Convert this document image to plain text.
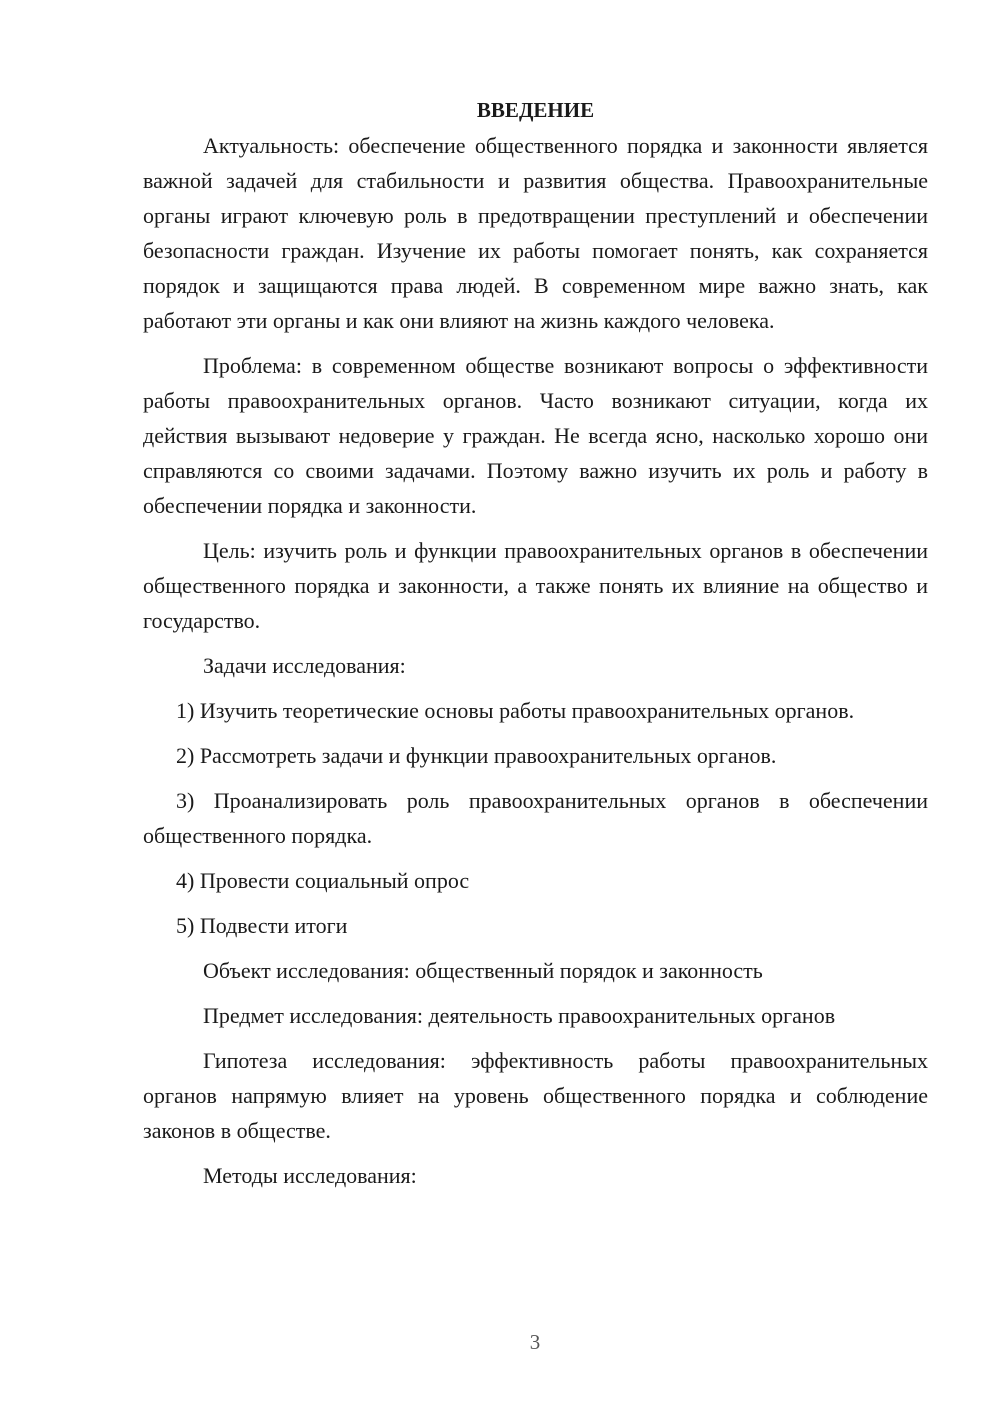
ВВЕДЕНИЕ

Актуальность: обеспечение общественного порядка и законности является важной задачей для стабильности и развития общества. Правоохранительные органы играют ключевую роль в предотвращении преступлений и обеспечении безопасности граждан. Изучение их работы помогает понять, как сохраняется порядок и защищаются права людей. В современном мире важно знать, как работают эти органы и как они влияют на жизнь каждого человека.

Проблема: в современном обществе возникают вопросы о эффективности работы правоохранительных органов. Часто возникают ситуации, когда их действия вызывают недоверие у граждан. Не всегда ясно, насколько хорошо они справляются со своими задачами. Поэтому важно изучить их роль и работу в обеспечении порядка и законности.

Цель: изучить роль и функции правоохранительных органов в обеспечении общественного порядка и законности, а также понять их влияние на общество и государство.

Задачи исследования:

1) Изучить теоретические основы работы правоохранительных органов.

2) Рассмотреть задачи и функции правоохранительных органов.

3) Проанализировать роль правоохранительных органов в обеспечении общественного порядка.

4) Провести социальный опрос

5) Подвести итоги

Объект исследования: общественный порядок и законность

Предмет исследования: деятельность правоохранительных органов

Гипотеза исследования: эффективность работы правоохранительных органов напрямую влияет на уровень общественного порядка и соблюдение законов в обществе.

Методы исследования:

3
